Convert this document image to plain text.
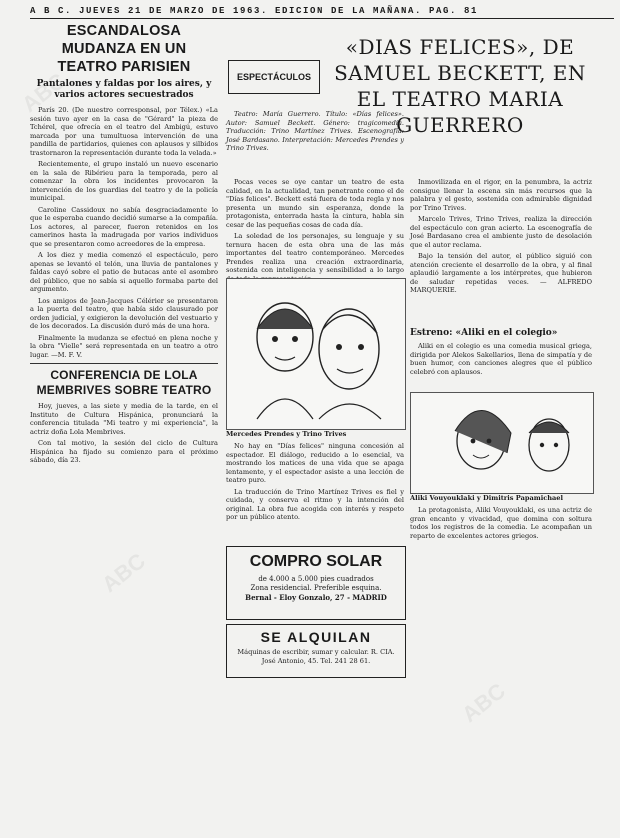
ABC
ABC
ABC
A B C. JUEVES 21 DE MARZO DE 1963. EDICION DE LA MAÑANA. PAG. 81
ESCANDALOSA MUDANZA EN UN TEATRO PARISIEN
Pantalones y faldas por los aires, y varios actores secuestrados

París 20. (De nuestro corresponsal, por Télex.) «La sesión tuvo ayer en la casa de "Gérard" la pieza de Tchérel, que ofrecía en el teatro del Ambigú, estuvo marcada por una tumultuosa intervención de una pandilla de partidarios, quienes con aplausos y silbidos trastornaron la representación durante toda la velada.»

Recientemente, el grupo instaló un nuevo escenario en la sala de Ribérieu para la temporada, pero al comenzar la obra los incidentes provocaron la intervención de los guardias del teatro y de la policía municipal.

Caroline Cassidoux no sabía desgraciadamente lo que le esperaba cuando decidió sumarse a la compañía. Los actores, al parecer, fueron retenidos en los camerinos hasta la madrugada por varios individuos que se presentaron como acreedores de la empresa.

A los diez y media comenzó el espectáculo, pero apenas se levantó el telón, una lluvia de pantalones y faldas cayó sobre el patio de butacas ante el asombro del público, que no sabía si aquello formaba parte del argumento.

Los amigos de Jean-Jacques Célérier se presentaron a la puerta del teatro, que había sido clausurado por orden judicial, y exigieron la devolución del vestuario y de los decorados. La discusión duró más de una hora.

Finalmente la mudanza se efectuó en plena noche y la obra "Vielle" será representada en un teatro a otro lugar. —M. F. V.

CONFERENCIA DE LOLA MEMBRIVES SOBRE TEATRO

Hoy, jueves, a las siete y media de la tarde, en el Instituto de Cultura Hispánica, pronunciará la conferencia titulada "Mi teatro y mi experiencia", la actriz doña Lola Membrives.

Con tal motivo, la sesión del ciclo de Cultura Hispánica ha fijado su comienzo para el próximo sábado, día 23.

ESPECTÁCULOS
«DIAS FELICES», DE SAMUEL BECKETT, EN EL TEATRO MARIA GUERRERO

Teatro: María Guerrero. Título: «Días felices». Autor: Samuel Beckett. Género: tragicomedia. Traducción: Trino Martínez Trives. Escenografía: José Bardasano. Interpretación: Mercedes Prendes y Trino Trives.

Pocas veces se oye cantar un teatro de esta calidad, en la actualidad, tan penetrante como el de "Días felices". Beckett está fuera de toda regla y nos presenta un mundo sin esperanza, donde la protagonista, enterrada hasta la cintura, habla sin cesar de las pequeñas cosas de cada día.

La soledad de los personajes, su lenguaje y su ternura hacen de esta obra una de las más importantes del teatro contemporáneo. Mercedes Prendes realiza una creación extraordinaria, sostenida con inteligencia y sensibilidad a lo largo

Mercedes Prendes y Trino Trives

No hay en "Días felices" ninguna concesión al espectador. El diálogo, reducido a lo esencial, va mostrando los matices de una vida que se apaga lentamente, y el espectador asiste a una lección de teatro puro.

La traducción de Trino Martínez Trives es fiel y cuidada, y conserva el ritmo y la intención del original. La obra fue acogida con interés y respeto por un público atento.

Inmovilizada en el rigor, en la penumbra, la actriz consigue llenar la escena sin más recursos que la palabra y el gesto, sostenida con admirable dignidad por Trino Trives.

Marcelo Trives, Trino Trives, realiza la dirección del espectáculo con gran acierto. La escenografía de José Bardasano crea el ambiente justo de desolación que el autor reclama.

Bajo la tensión del autor, el público siguió con atención creciente el desarrollo de la obra, y al final aplaudió largamente a los intérpretes, que hubieron de saludar repetidas veces. — ALFREDO MARQUERIE.

Estreno: «Aliki en el colegio»

Aliki en el colegio es una comedia musical griega, dirigida por Alekos Sakellarios, llena de simpatía y de buen humor, con canciones alegres que el público celebró con aplausos.

Aliki Vouyouklaki y Dimitris Papamichael

La protagonista, Aliki Vouyouklaki, es una actriz de gran encanto y vivacidad, que domina con soltura todos los registros de la comedia. Le acompañan un reparto de excelentes actores griegos.

COMPRO SOLAR
de 4.000 a 5.000 pies cuadrados
Zona residencial. Preferible esquina.
Bernal - Eloy Gonzalo, 27 - MADRID
SE ALQUILAN
Máquinas de escribir, sumar y calcular. R. CIA. José Antonio, 45. Tel. 241 28 61.
